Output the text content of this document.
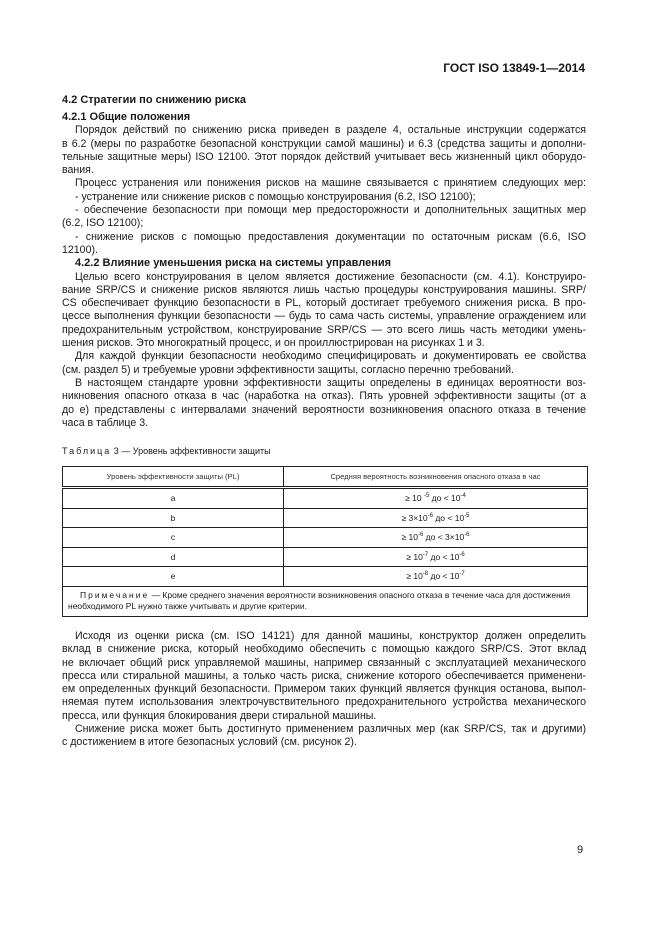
ГОСТ ISO 13849-1—2014
4.2 Стратегии по снижению риска
4.2.1 Общие положения
Порядок действий по снижению риска приведен в разделе 4, остальные инструкции содержатся
в 6.2 (меры по разработке безопасной конструкции самой машины) и 6.3 (средства защиты и дополни-
тельные защитные меры) ISO 12100. Этот порядок действий учитывает весь жизненный цикл оборудо-
вания.
Процесс устранения или понижения рисков на машине связывается с принятием следующих мер:
- устранение или снижение рисков с помощью конструирования (6.2, ISO 12100);
- обеспечение безопасности при помощи мер предосторожности и дополнительных защитных мер
(6.2, ISO 12100);
- снижение рисков с помощью предоставления документации по остаточным рискам (6.6, ISO
12100).
4.2.2 Влияние уменьшения риска на системы управления
Целью всего конструирования в целом является достижение безопасности (см. 4.1). Конструиро-
вание SRP/CS и снижение рисков являются лишь частью процедуры конструирования машины. SRP/
CS обеспечивает функцию безопасности в PL, который достигает требуемого снижения риска. В про-
цессе выполнения функции безопасности — будь то сама часть системы, управление ограждением или
предохранительным устройством, конструирование SRP/CS — это всего лишь часть методики умень-
шения рисков. Это многократный процесс, и он проиллюстрирован на рисунках 1 и 3.
Для каждой функции безопасности необходимо специфицировать и документировать ее свойства
(см. раздел 5) и требуемые уровни эффективности защиты, согласно перечню требований.
В настоящем стандарте уровни эффективности защиты определены в единицах вероятности воз-
никновения опасного отказа в час (наработка на отказ). Пять уровней эффективности защиты (от a
до e) представлены с интервалами значений вероятности возникновения опасного отказа в течение
часа в таблице 3.
Таблица 3 — Уровень эффективности защиты
Уровень эффективности защиты (PL)	Средняя вероятность возникновения опасного отказа в час
a	≥ 10 $^{-5}$ до < $10^{-4}$
b	≥ $3\times 10^{-6}$ до < $10^{-5}$
c	≥ $10^{-6}$ до < $3\times 10^{-6}$
d	≥ $10^{-7}$ до < $10^{-6}$
e	≥ $10^{-8}$ до < $10^{-7}$
Примечание — Кроме среднего значения вероятности возникновения опасного отказа в течение часа для достижения необходимого PL нужно также учитывать и другие критерии.	
Исходя из оценки риска (см. ISO 14121) для данной машины, конструктор должен определить
вклад в снижение риска, который необходимо обеспечить с помощью каждого SRP/CS. Этот вклад
не включает общий риск управляемой машины, например связанный с эксплуатацией механического
пресса или стиральной машины, а только часть риска, снижение которого обеспечивается применени-
ем определенных функций безопасности. Примером таких функций является функция останова, выпол-
няемая путем использования электрочувствительного предохранительного устройства механического
пресса, или функция блокирования двери стиральной машины.
Снижение риска может быть достигнуто применением различных мер (как SRP/CS, так и другими)
с достижением в итоге безопасных условий (см. рисунок 2).
9
